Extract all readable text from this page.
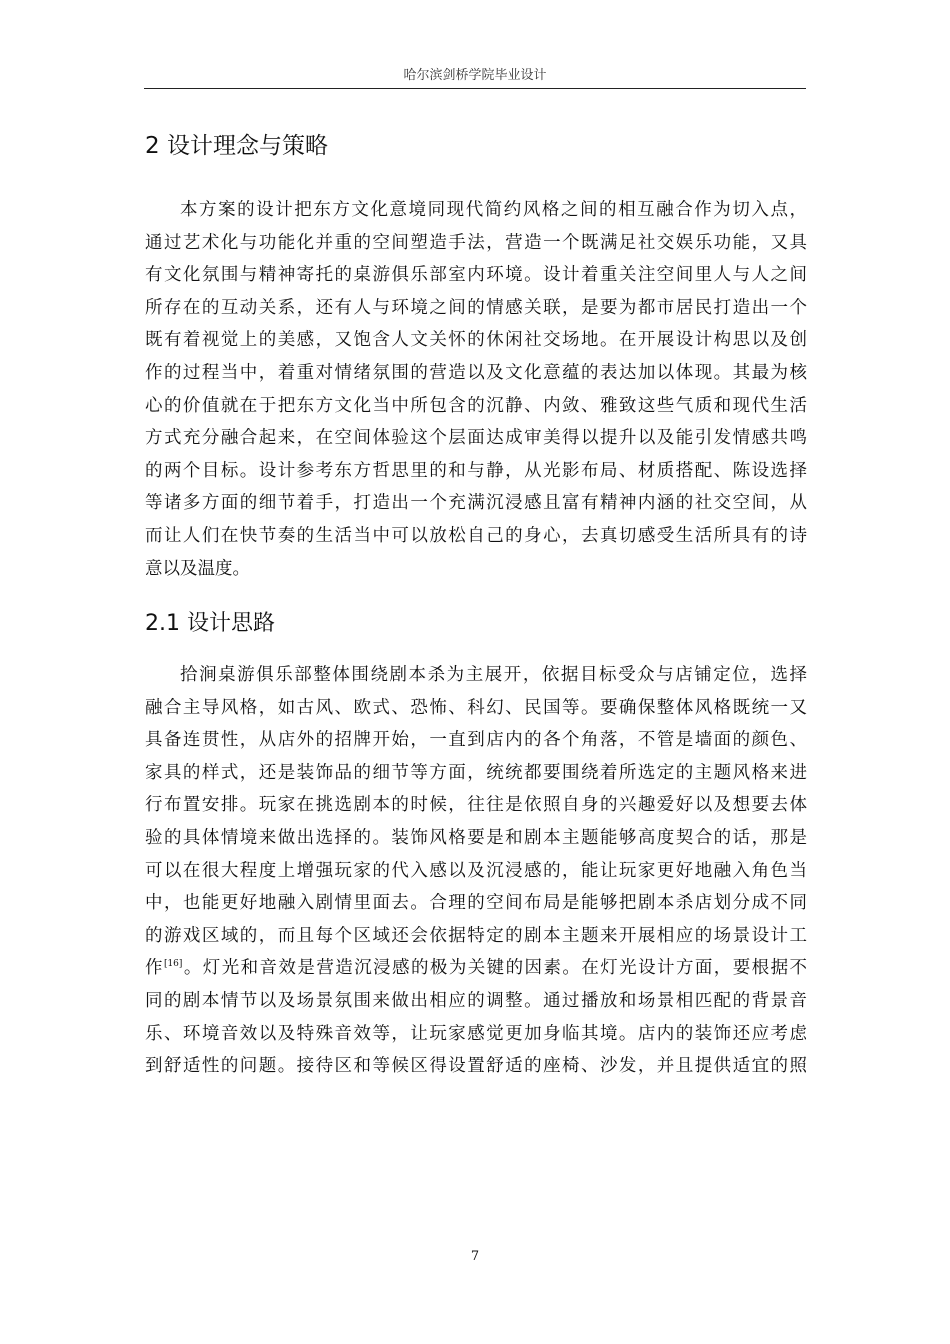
哈尔滨剑桥学院毕业设计
2 设计理念与策略
本方案的设计把东方文化意境同现代简约风格之间的相互融合作为切入点，
通过艺术化与功能化并重的空间塑造手法，营造一个既满足社交娱乐功能，又具
有文化氛围与精神寄托的桌游俱乐部室内环境。设计着重关注空间里人与人之间
所存在的互动关系，还有人与环境之间的情感关联，是要为都市居民打造出一个
既有着视觉上的美感，又饱含人文关怀的休闲社交场地。在开展设计构思以及创
作的过程当中，着重对情绪氛围的营造以及文化意蕴的表达加以体现。其最为核
心的价值就在于把东方文化当中所包含的沉静、内敛、雅致这些气质和现代生活
方式充分融合起来，在空间体验这个层面达成审美得以提升以及能引发情感共鸣
的两个目标。设计参考东方哲思里的和与静，从光影布局、材质搭配、陈设选择
等诸多方面的细节着手，打造出一个充满沉浸感且富有精神内涵的社交空间，从
而让人们在快节奏的生活当中可以放松自己的身心，去真切感受生活所具有的诗
意以及温度。
2.1 设计思路
拾涧桌游俱乐部整体围绕剧本杀为主展开，依据目标受众与店铺定位，选择
融合主导风格，如古风、欧式、恐怖、科幻、民国等。要确保整体风格既统一又
具备连贯性，从店外的招牌开始，一直到店内的各个角落，不管是墙面的颜色、
家具的样式，还是装饰品的细节等方面，统统都要围绕着所选定的主题风格来进
行布置安排。玩家在挑选剧本的时候，往往是依照自身的兴趣爱好以及想要去体
验的具体情境来做出选择的。装饰风格要是和剧本主题能够高度契合的话，那是
可以在很大程度上增强玩家的代入感以及沉浸感的，能让玩家更好地融入角色当
中，也能更好地融入剧情里面去。合理的空间布局是能够把剧本杀店划分成不同
的游戏区域的，而且每个区域还会依据特定的剧本主题来开展相应的场景设计工
作[16]。灯光和音效是营造沉浸感的极为关键的因素。在灯光设计方面，要根据不
同的剧本情节以及场景氛围来做出相应的调整。通过播放和场景相匹配的背景音
乐、环境音效以及特殊音效等，让玩家感觉更加身临其境。店内的装饰还应考虑
到舒适性的问题。接待区和等候区得设置舒适的座椅、沙发，并且提供适宜的照
7
